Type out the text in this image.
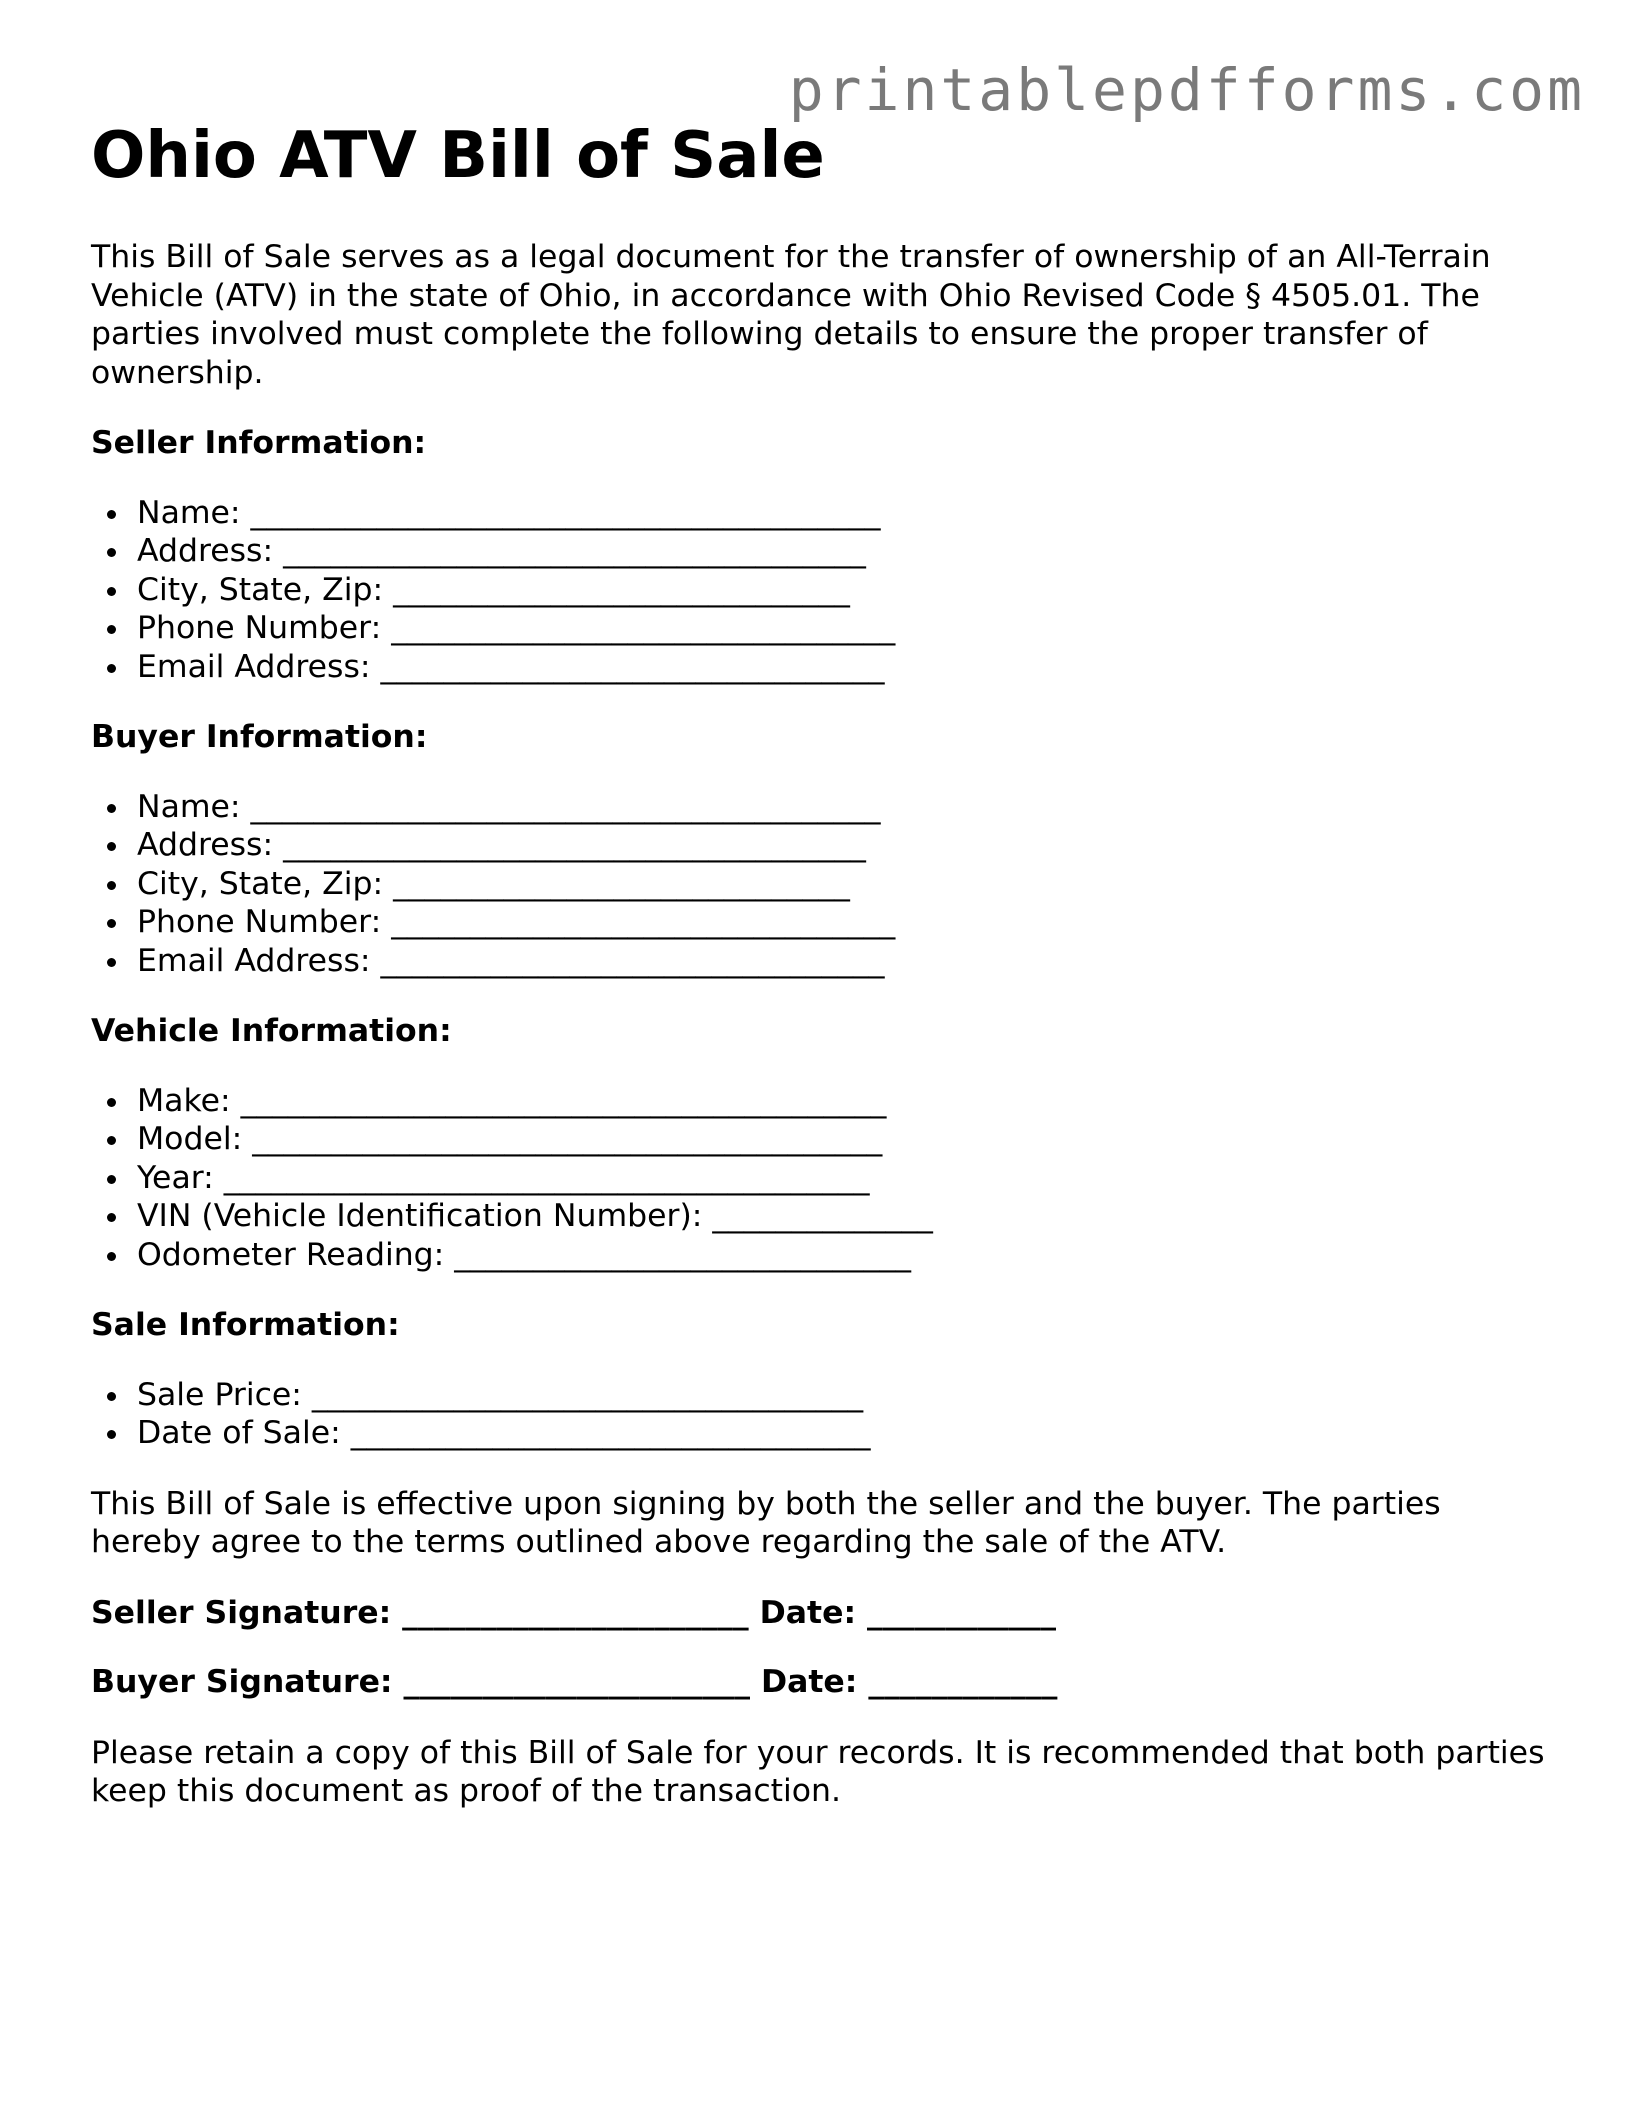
printablepdfforms.com
Ohio ATV Bill of Sale

This Bill of Sale serves as a legal document for the transfer of ownership of an All-Terrain Vehicle (ATV) in the state of Ohio, in accordance with Ohio Revised Code § 4505.01. The parties involved must complete the following details to ensure the proper transfer of ownership.

Seller Information:
Name: ________________________________________
Address: _____________________________________
City, State, Zip: _____________________________
Phone Number: ________________________________
Email Address: ________________________________
Buyer Information:
Name: ________________________________________
Address: _____________________________________
City, State, Zip: _____________________________
Phone Number: ________________________________
Email Address: ________________________________
Vehicle Information:
Make: _________________________________________
Model: ________________________________________
Year: _________________________________________
VIN (Vehicle Identification Number): ______________
Odometer Reading: _____________________________
Sale Information:
Sale Price: ___________________________________
Date of Sale: _________________________________

This Bill of Sale is effective upon signing by both the seller and the buyer. The parties hereby agree to the terms outlined above regarding the sale of the ATV.

Seller Signature: ______________________ Date: ____________
Buyer Signature: ______________________ Date: ____________

Please retain a copy of this Bill of Sale for your records. It is recommended that both parties keep this document as proof of the transaction.
